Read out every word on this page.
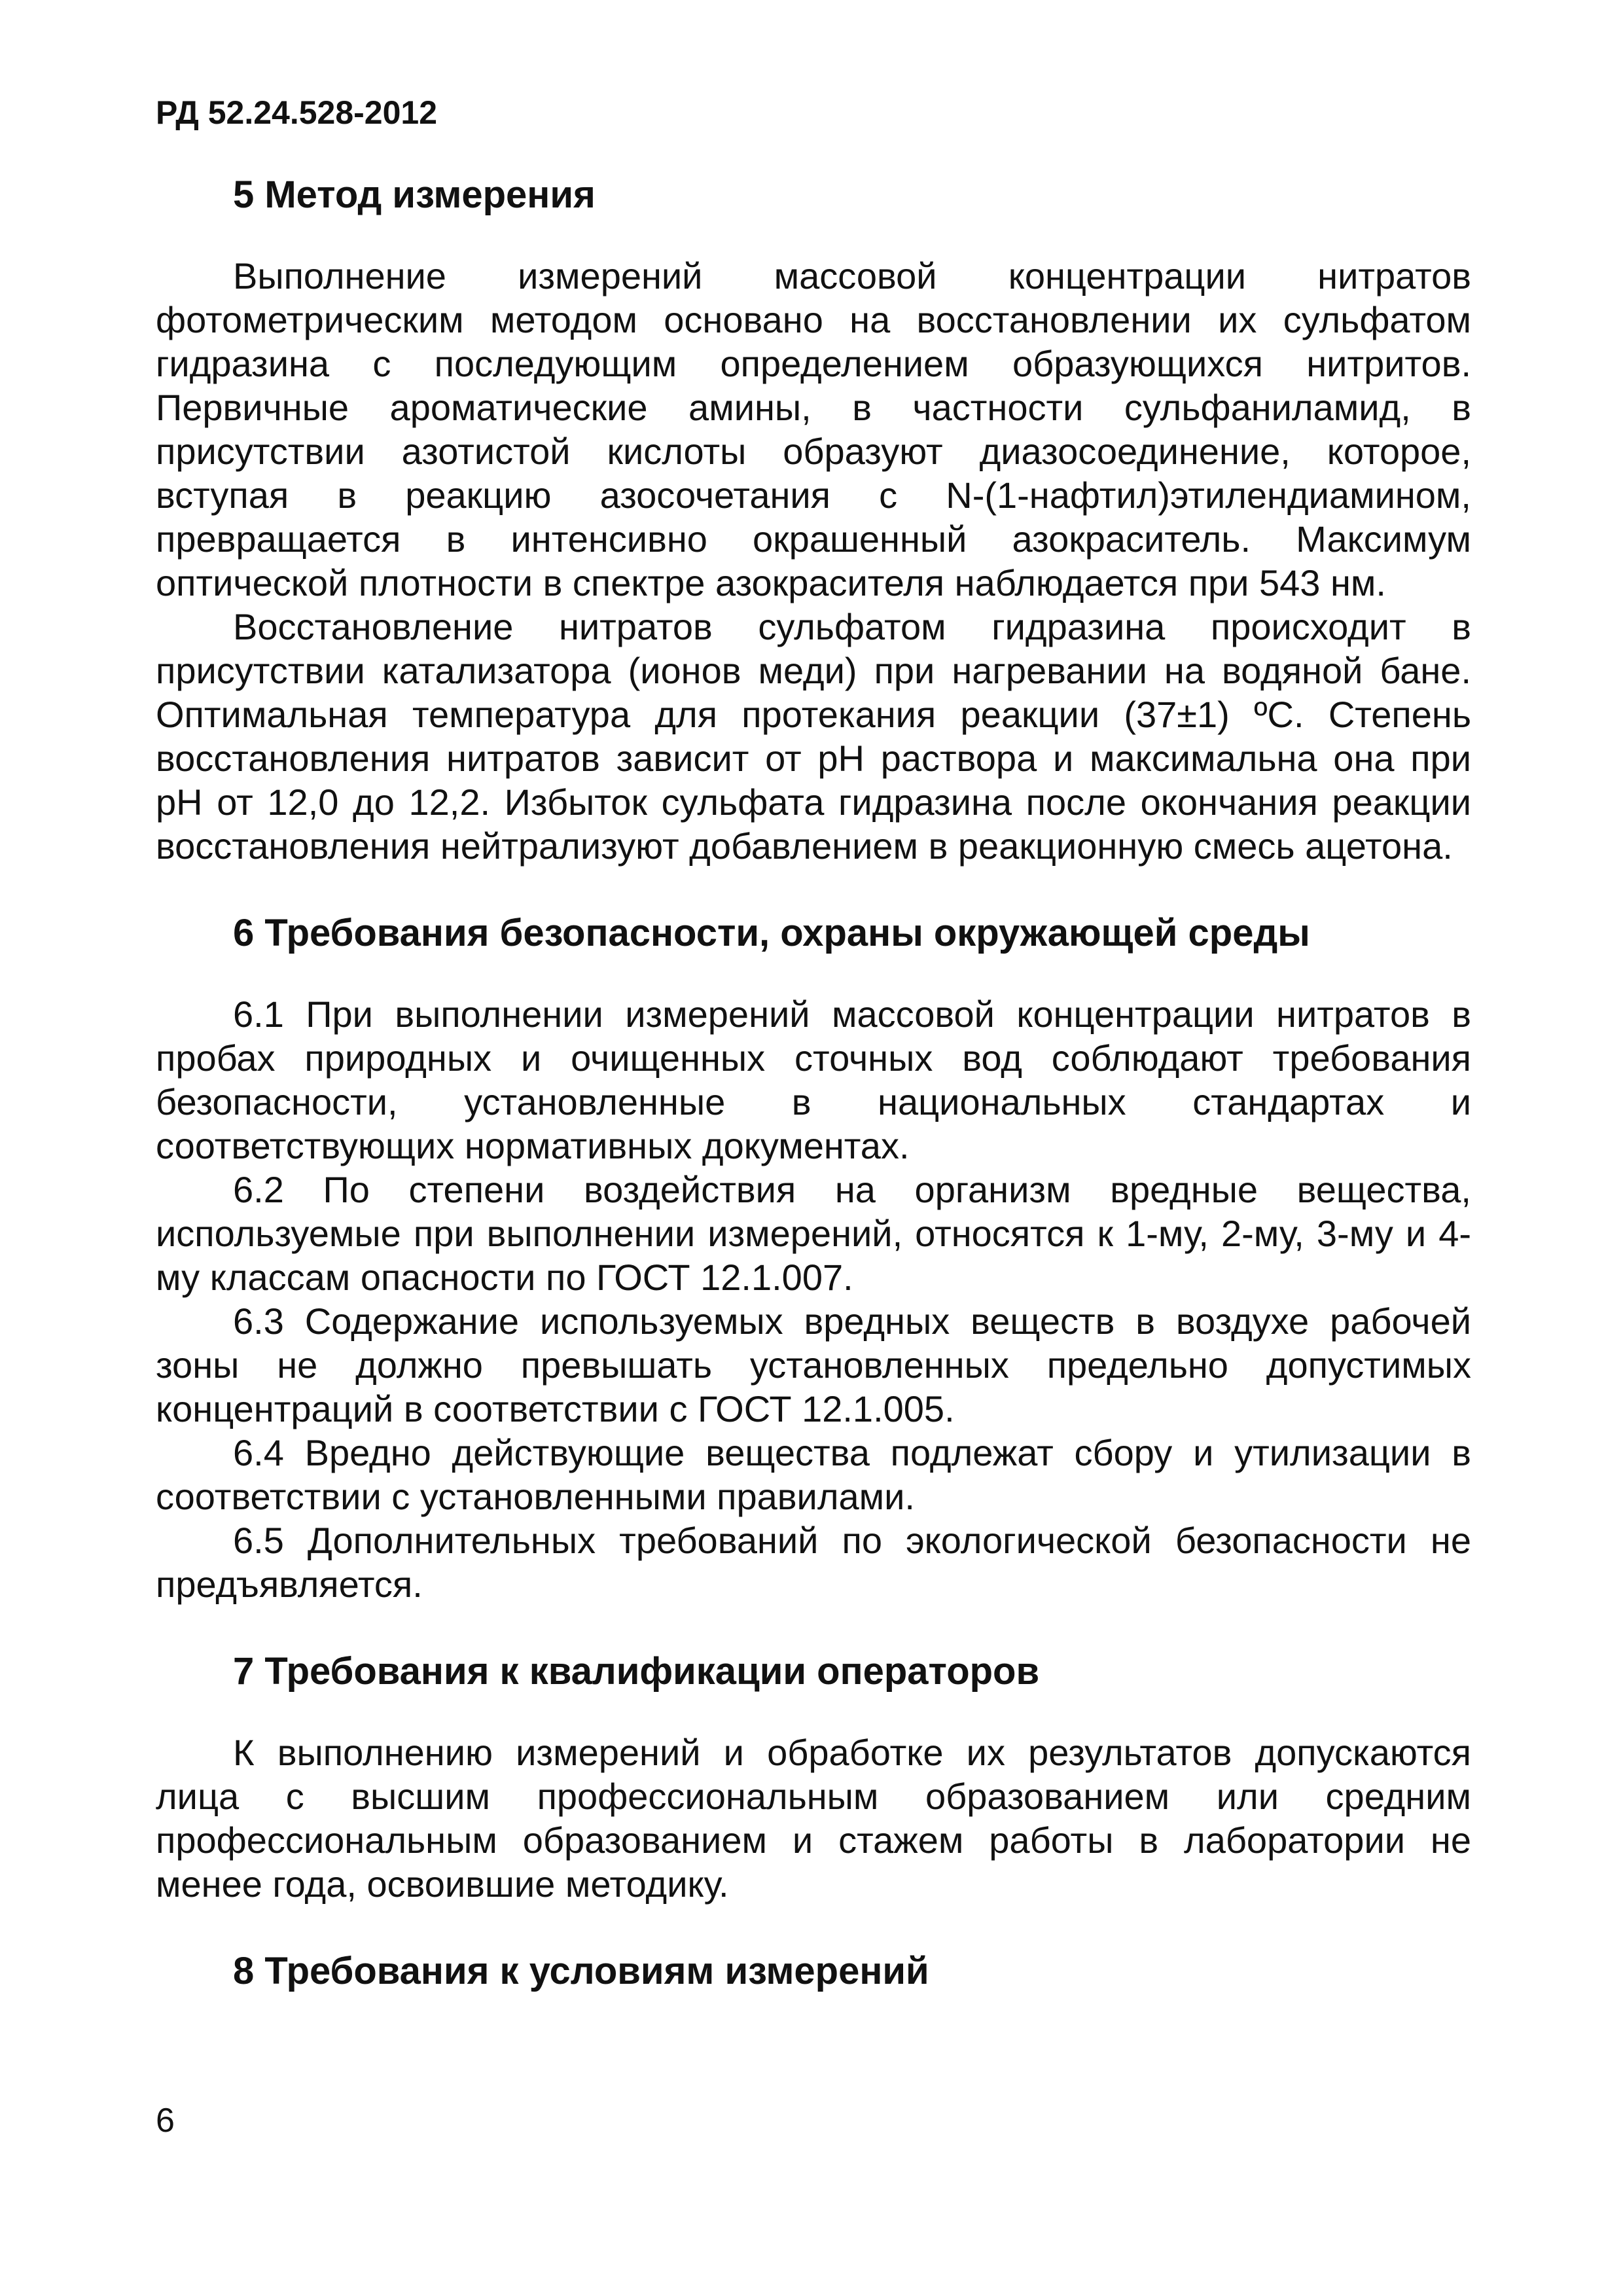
РД 52.24.528-2012
5 Метод измерения

Выполнение измерений массовой концентрации нитратов фотометрическим методом основано на восстановлении их сульфатом гидразина с последующим определением образующихся нитритов. Первичные ароматические амины, в частности сульфаниламид, в присутствии азотистой кислоты образуют диазосоединение, которое, вступая в реакцию азосочетания с N-(1-нафтил)этилендиамином, превращается в интенсивно окрашенный азокраситель. Максимум оптической плотности в спектре азокрасителя наблюдается при 543 нм.

Восстановление нитратов сульфатом гидразина происходит в присутствии катализатора (ионов меди) при нагревании на водяной бане. Оптимальная температура для протекания реакции (37±1) ºС. Степень восстановления нитратов зависит от рН раствора и максимальна она при рН от 12,0 до 12,2. Избыток сульфата гидразина после окончания реакции восстановления нейтрализуют добавлением в реакционную смесь ацетона.

6 Требования безопасности, охраны окружающей среды

6.1 При выполнении измерений массовой концентрации нитратов в пробах природных и очищенных сточных вод соблюдают требования безопасности, установленные в национальных стандартах и соответствующих нормативных документах.

6.2 По степени воздействия на организм вредные вещества, используемые при выполнении измерений, относятся к 1-му, 2-му, 3-му и 4-му классам опасности по ГОСТ 12.1.007.

6.3 Содержание используемых вредных веществ в воздухе рабочей зоны не должно превышать установленных предельно допустимых концентраций в соответствии с ГОСТ 12.1.005.

6.4 Вредно действующие вещества подлежат сбору и утилизации в соответствии с установленными правилами.

6.5 Дополнительных требований по экологической безопасности не предъявляется.

7 Требования к квалификации операторов

К выполнению измерений и обработке их результатов допускаются лица с высшим профессиональным образованием или средним профессиональным образованием и стажем работы в лаборатории не менее года, освоившие методику.

8 Требования к условиям измерений
6
